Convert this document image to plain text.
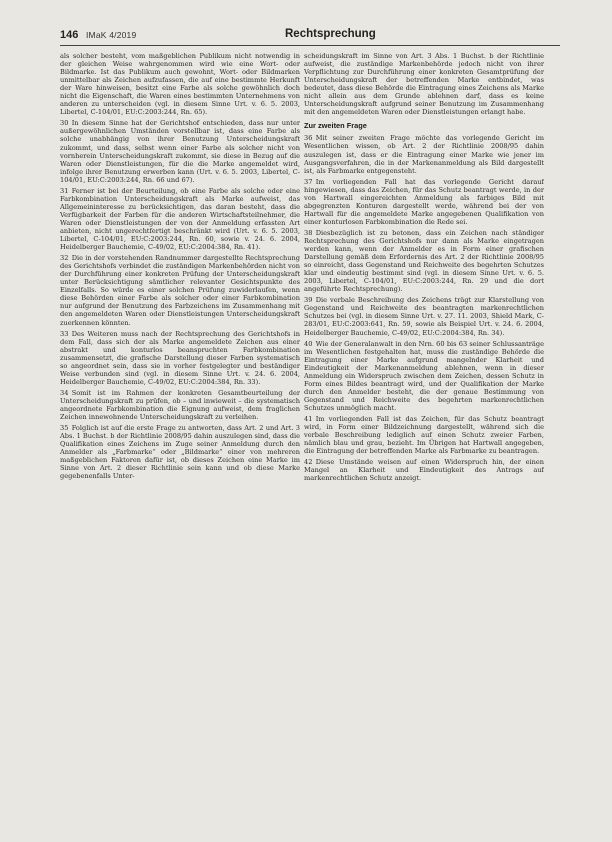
146 IMaK 4/2019	Rechtsprechung

als solcher besteht, vom maßgeblichen Publikum nicht notwendig in der gleichen Weise wahrgenommen wird wie eine Wort- oder Bildmarke. Ist das Publikum auch gewohnt, Wort- oder Bildmarken unmittelbar als Zeichen aufzufassen, die auf eine bestimmte Herkunft der Ware hinweisen, besitzt eine Farbe als solche gewöhnlich doch nicht die Eigenschaft, die Waren eines bestimmten Unternehmens von anderen zu unterscheiden (vgl. in diesem Sinne Urt. v. 6. 5. 2003, Libertel, C-104/01, EU:C:2003:244, Rn. 65).

30  In diesem Sinne hat der Gerichtshof entschieden, dass nur unter außergewöhnlichen Umständen vorstellbar ist, dass eine Farbe als solche unabhängig von ihrer Benutzung Unterscheidungskraft zukommt, und dass, selbst wenn einer Farbe als solcher nicht von vornherein Unterscheidungskraft zukommt, sie diese in Bezug auf die Waren oder Dienstleistungen, für die die Marke angemeldet wird, infolge ihrer Benutzung erwerben kann (Urt. v. 6. 5. 2003, Libertel, C-104/01, EU:C:2003:244, Rn. 66 und 67).

31  Ferner ist bei der Beurteilung, ob eine Farbe als solche oder eine Farbkombination Unterscheidungskraft als Marke aufweist, das Allgemeininteresse zu berücksichtigen, das daran besteht, dass die Verfügbarkeit der Farben für die anderen Wirtschaftsteilnehmer, die Waren oder Dienstleistungen der von der Anmeldung erfassten Art anbieten, nicht ungerechtfertigt beschränkt wird (Urt. v. 6. 5. 2003, Libertel, C-104/01, EU:C:2003:244, Rn. 60, sowie v. 24. 6. 2004, Heidelberger Bauchemie, C-49/02, EU:C:2004:384, Rn. 41).

32  Die in der vorstehenden Randnummer dargestellte Rechtsprechung des Gerichtshofs verbindet die zuständigen Markenbehörden nicht von der Durchführung einer konkreten Prüfung der Unterscheidungskraft unter Berücksichtigung sämtlicher relevanter Gesichtspunkte des Einzelfalls. So würde es einer solchen Prüfung zuwiderlaufen, wenn diese Behörden einer Farbe als solcher oder einer Farbkombination nur aufgrund der Benutzung des Farbzeichens im Zusammenhang mit den angemeldeten Waren oder Dienstleistungen Unterscheidungskraft zuerkennen könnten.

33  Des Weiteren muss nach der Rechtsprechung des Gerichtshofs in dem Fall, dass sich der als Marke angemeldete Zeichen aus einer abstrakt und konturlos beanspruchten Farbkombination zusammensetzt, die grafische Darstellung dieser Farben systematisch so angeordnet sein, dass sie in vorher festgelegter und beständiger Weise verbunden sind (vgl. in diesem Sinne Urt. v. 24. 6. 2004, Heidelberger Bauchemie, C-49/02, EU:C:2004:384, Rn. 33).

34  Somit ist im Rahmen der konkreten Gesamtbeurteilung der Unterscheidungskraft zu prüfen, ob – und inwieweit – die systematisch angeordnete Farbkombination die Eignung aufweist, dem fraglichen Zeichen innewohnende Unterscheidungskraft zu verleihen.

35  Folglich ist auf die erste Frage zu antworten, dass Art. 2 und Art. 3 Abs. 1 Buchst. b der Richtlinie 2008/95 dahin auszulegen sind, dass die Qualifikation eines Zeichens im Zuge seiner Anmeldung durch den Anmelder als „Farbmarke“ oder „Bildmarke“ einer von mehreren maßgeblichen Faktoren dafür ist, ob dieses Zeichen eine Marke im Sinne von Art. 2 dieser Richtlinie sein kann und ob diese Marke gegebenenfalls Unter-

scheidungskraft im Sinne von Art. 3 Abs. 1 Buchst. b der Richtlinie aufweist, die zuständige Markenbehörde jedoch nicht von ihrer Verpflichtung zur Durchführung einer konkreten Gesamtprüfung der Unterscheidungskraft der betreffenden Marke entbindet, was bedeutet, dass diese Behörde die Eintragung eines Zeichens als Marke nicht allein aus dem Grunde ablehnen darf, dass es keine Unterscheidungskraft aufgrund seiner Benutzung im Zusammenhang mit den angemeldeten Waren oder Dienstleistungen erlangt habe.

Zur zweiten Frage

36  Mit seiner zweiten Frage möchte das vorlegende Gericht im Wesentlichen wissen, ob Art. 2 der Richtlinie 2008/95 dahin auszulegen ist, dass er die Eintragung einer Marke wie jener im Ausgangsverfahren, die in der Markenanmeldung als Bild dargestellt ist, als Farbmarke entgegensteht.

37  Im vorliegenden Fall hat das vorlegende Gericht darauf hingewiesen, dass das Zeichen, für das Schutz beantragt werde, in der von Hartwall eingereichten Anmeldung als farbiges Bild mit abgegrenzten Konturen dargestellt werde, während bei der von Hartwall für die angemeldete Marke angegebenen Qualifikation von einer konturlosen Farbkombination die Rede sei.

38  Diesbezüglich ist zu betonen, dass ein Zeichen nach ständiger Rechtsprechung des Gerichtshofs nur dann als Marke eingetragen werden kann, wenn der Anmelder es in Form einer grafischen Darstellung gemäß dem Erfordernis des Art. 2 der Richtlinie 2008/95 so einreicht, dass Gegenstand und Reichweite des begehrten Schutzes klar und eindeutig bestimmt sind (vgl. in diesem Sinne Urt. v. 6. 5. 2003, Libertel, C-104/01, EU:C:2003:244, Rn. 29 und die dort angeführte Rechtsprechung).

39  Die verbale Beschreibung des Zeichens trägt zur Klarstellung von Gegenstand und Reichweite des beantragten markenrechtlichen Schutzes bei (vgl. in diesem Sinne Urt. v. 27. 11. 2003, Shield Mark, C-283/01, EU:C:2003:641, Rn. 59, sowie als Beispiel Urt. v. 24. 6. 2004, Heidelberger Bauchemie, C-49/02, EU:C:2004:384, Rn. 34).

40  Wie der Generalanwalt in den Nrn. 60 bis 63 seiner Schlussanträge im Wesentlichen festgehalten hat, muss die zuständige Behörde die Eintragung einer Marke aufgrund mangelnder Klarheit und Eindeutigkeit der Markenanmeldung ablehnen, wenn in dieser Anmeldung ein Widerspruch zwischen dem Zeichen, dessen Schutz in Form eines Bildes beantragt wird, und der Qualifikation der Marke durch den Anmelder besteht, die der genaue Bestimmung von Gegenstand und Reichweite des begehrten markenrechtlichen Schutzes unmöglich macht.

41  Im vorliegenden Fall ist das Zeichen, für das Schutz beantragt wird, in Form einer Bildzeichnung dargestellt, während sich die verbale Beschreibung lediglich auf einen Schutz zweier Farben, nämlich blau und grau, bezieht. Im Übrigen hat Hartwall angegeben, die Eintragung der betreffenden Marke als Farbmarke zu beantragen.

42  Diese Umstände weisen auf einen Widerspruch hin, der einen Mangel an Klarheit und Eindeutigkeit des Antrags auf markenrechtlichen Schutz anzeigt.
